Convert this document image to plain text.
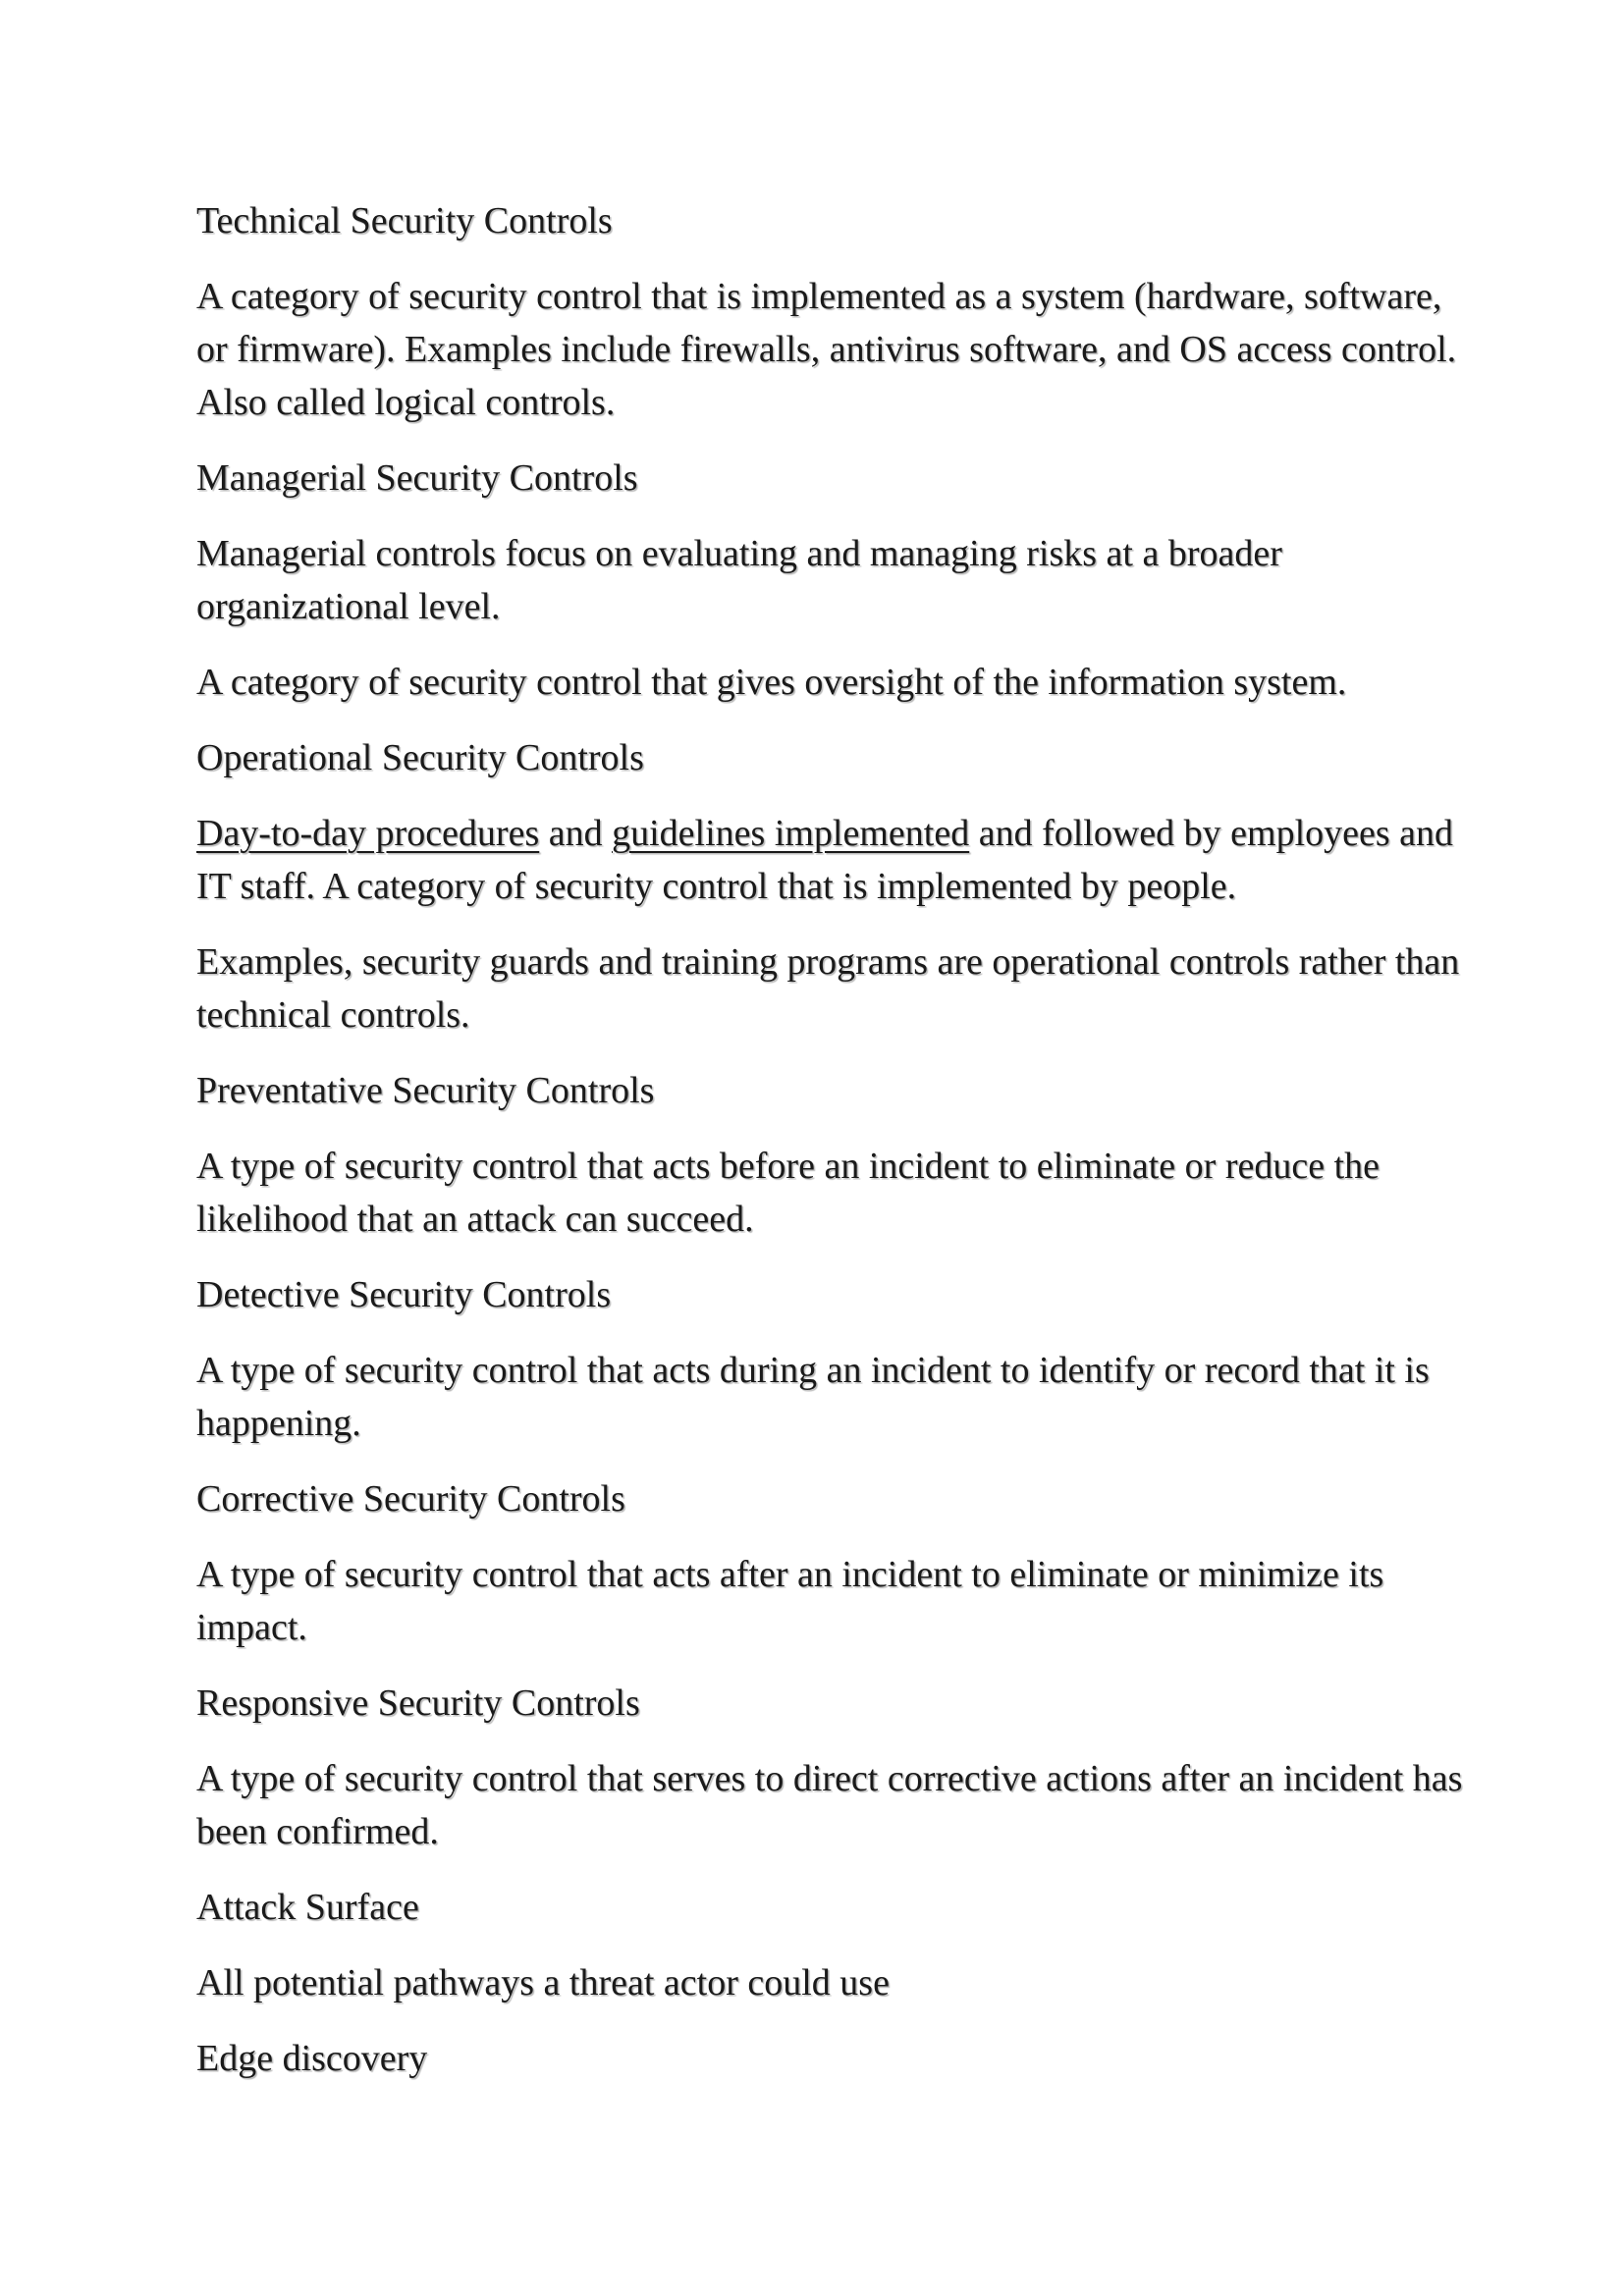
Technical Security Controls

A category of security control that is implemented as a system (hardware, software, or firmware). Examples include firewalls, antivirus software, and OS access control. Also called logical controls.

Managerial Security Controls

Managerial controls focus on evaluating and managing risks at a broader organizational level.

A category of security control that gives oversight of the information system.

Operational Security Controls

Day-to-day procedures and guidelines implemented and followed by employees and IT staff. A category of security control that is implemented by people.

Examples, security guards and training programs are operational controls rather than technical controls.

Preventative Security Controls

A type of security control that acts before an incident to eliminate or reduce the likelihood that an attack can succeed.

Detective Security Controls

A type of security control that acts during an incident to identify or record that it is happening.

Corrective Security Controls

A type of security control that acts after an incident to eliminate or minimize its impact.

Responsive Security Controls

A type of security control that serves to direct corrective actions after an incident has been confirmed.

Attack Surface

All potential pathways a threat actor could use

Edge discovery
